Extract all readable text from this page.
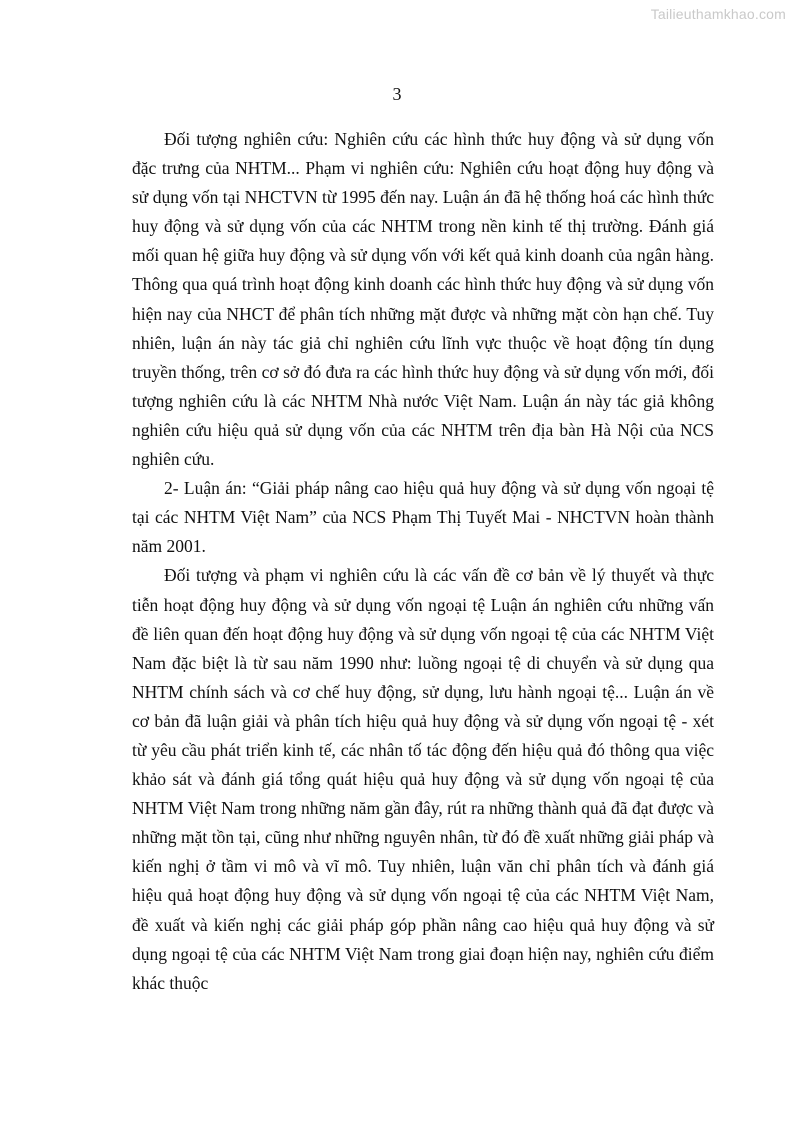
Tailieuthamkhao.com
3

Đối tượng nghiên cứu: Nghiên cứu các hình thức huy động và sử dụng vốn đặc trưng của NHTM... Phạm vi nghiên cứu: Nghiên cứu hoạt động huy động và sử dụng vốn tại NHCTVN từ 1995 đến nay. Luận án đã hệ thống hoá các hình thức huy động và sử dụng vốn của các NHTM trong nền kinh tế thị trường. Đánh giá mối quan hệ giữa huy động và sử dụng vốn với kết quả kinh doanh của ngân hàng. Thông qua quá trình hoạt động kinh doanh các hình thức huy động và sử dụng vốn hiện nay của NHCT để phân tích những mặt được và những mặt còn hạn chế. Tuy nhiên, luận án này tác giả chỉ nghiên cứu lĩnh vực thuộc về hoạt động tín dụng truyền thống, trên cơ sở đó đưa ra các hình thức huy động và sử dụng vốn mới, đối tượng nghiên cứu là các NHTM Nhà nước Việt Nam. Luận án này tác giả không nghiên cứu hiệu quả sử dụng vốn của các NHTM trên địa bàn Hà Nội của NCS nghiên cứu.

2- Luận án: “Giải pháp nâng cao hiệu quả huy động và sử dụng vốn ngoại tệ tại các NHTM Việt Nam” của NCS Phạm Thị Tuyết Mai - NHCTVN hoàn thành năm 2001.

Đối tượng và phạm vi nghiên cứu là các vấn đề cơ bản về lý thuyết và thực tiễn hoạt động huy động và sử dụng vốn ngoại tệ Luận án nghiên cứu những vấn đề liên quan đến hoạt động huy động và sử dụng vốn ngoại tệ của các NHTM Việt Nam đặc biệt là từ sau năm 1990 như: luồng ngoại tệ di chuyển và sử dụng qua NHTM chính sách và cơ chế huy động, sử dụng, lưu hành ngoại tệ... Luận án về cơ bản đã luận giải và phân tích hiệu quả huy động và sử dụng vốn ngoại tệ - xét từ yêu cầu phát triển kinh tế, các nhân tố tác động đến hiệu quả đó thông qua việc khảo sát và đánh giá tổng quát hiệu quả huy động và sử dụng vốn ngoại tệ của NHTM Việt Nam trong những năm gần đây, rút ra những thành quả đã đạt được và những mặt tồn tại, cũng như những nguyên nhân, từ đó đề xuất những giải pháp và kiến nghị ở tầm vi mô và vĩ mô. Tuy nhiên, luận văn chỉ phân tích và đánh giá hiệu quả hoạt động huy động và sử dụng vốn ngoại tệ của các NHTM Việt Nam, đề xuất và kiến nghị các giải pháp góp phần nâng cao hiệu quả huy động và sử dụng ngoại tệ của các NHTM Việt Nam trong giai đoạn hiện nay, nghiên cứu điểm khác thuộc
